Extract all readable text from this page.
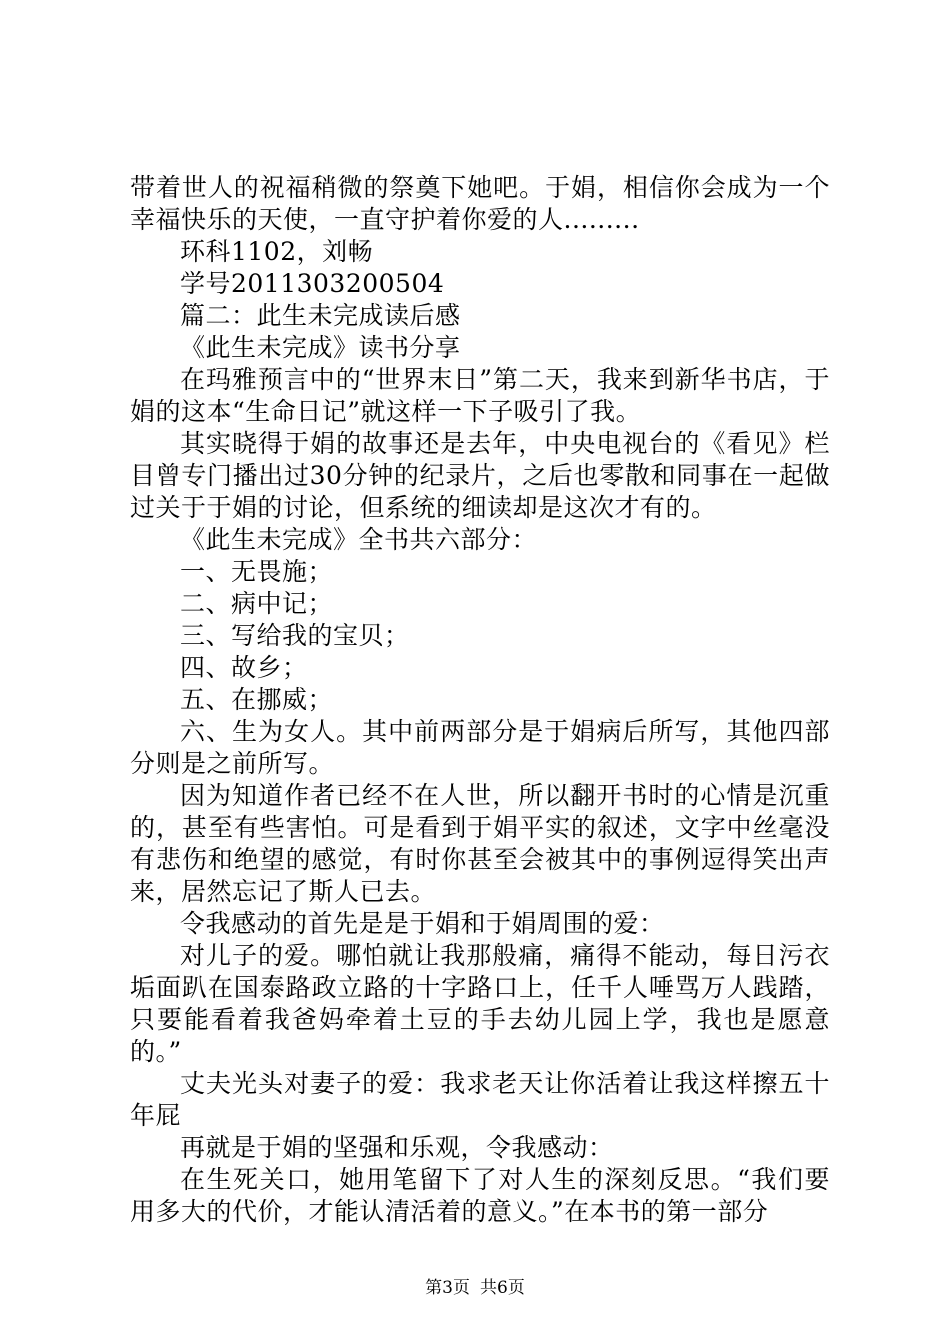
带着世人的祝福稍微的祭奠下她吧。于娟，相信你会成为一个幸福快乐的天使，一直守护着你爱的人.........

环科1102，刘畅

学号2011303200504

篇二：此生未完成读后感

《此生未完成》读书分享

在玛雅预言中的“世界末日”第二天，我来到新华书店，于娟的这本“生命日记”就这样一下子吸引了我。

其实晓得于娟的故事还是去年，中央电视台的《看见》栏目曾专门播出过30分钟的纪录片，之后也零散和同事在一起做过关于于娟的讨论，但系统的细读却是这次才有的。

《此生未完成》全书共六部分：

一、无畏施；

二、病中记；

三、写给我的宝贝；

四、故乡；

五、在挪威；

六、生为女人。其中前两部分是于娟病后所写，其他四部分则是之前所写。

因为知道作者已经不在人世，所以翻开书时的心情是沉重的，甚至有些害怕。可是看到于娟平实的叙述，文字中丝毫没有悲伤和绝望的感觉，有时你甚至会被其中的事例逗得笑出声来，居然忘记了斯人已去。

令我感动的首先是是于娟和于娟周围的爱：

对儿子的爱。哪怕就让我那般痛，痛得不能动，每日污衣垢面趴在国泰路政立路的十字路口上，任千人唾骂万人践踏，只要能看着我爸妈牵着土豆的手去幼儿园上学，我也是愿意的。”

丈夫光头对妻子的爱：我求老天让你活着让我这样擦五十年屁

再就是于娟的坚强和乐观，令我感动：

在生死关口，她用笔留下了对人生的深刻反思。“我们要用多大的代价，才能认清活着的意义。”在本书的第一部分

第3页 共6页
